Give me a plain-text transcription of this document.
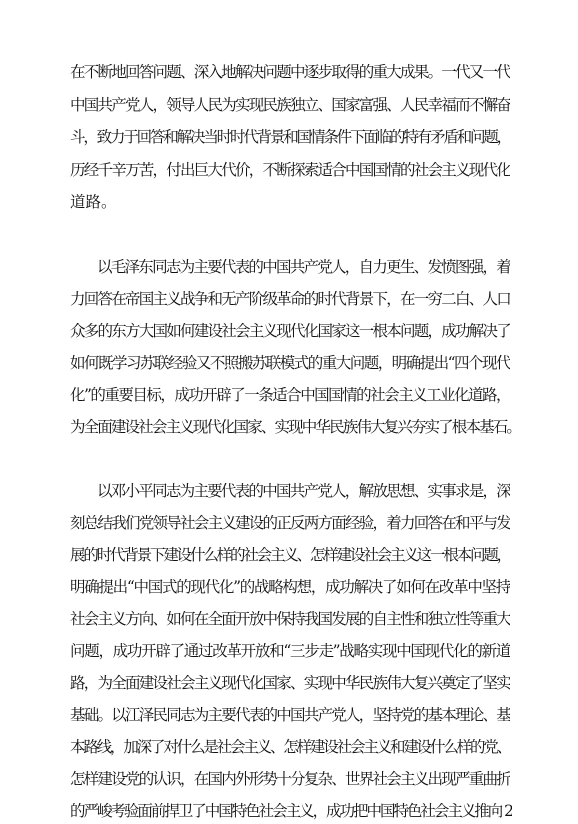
在不断地回答问题、深入地解决问题中逐步取得的重大成果。一代又一代
中国共产党人，领导人民为实现民族独立、国家富强、人民幸福而不懈奋
斗，致力于回答和解决当时时代背景和国情条件下面临的特有矛盾和问题，
历经千辛万苦，付出巨大代价，不断探索适合中国国情的社会主义现代化
道路。
以毛泽东同志为主要代表的中国共产党人，自力更生、发愤图强，着
力回答在帝国主义战争和无产阶级革命的时代背景下，在一穷二白、人口
众多的东方大国如何建设社会主义现代化国家这一根本问题，成功解决了
如何既学习苏联经验又不照搬苏联模式的重大问题，明确提出“四个现代
化”的重要目标，成功开辟了一条适合中国国情的社会主义工业化道路，
为全面建设社会主义现代化国家、实现中华民族伟大复兴夯实了根本基石。
以邓小平同志为主要代表的中国共产党人，解放思想、实事求是，深
刻总结我们党领导社会主义建设的正反两方面经验，着力回答在和平与发
展的时代背景下建设什么样的社会主义、怎样建设社会主义这一根本问题，
明确提出“中国式的现代化”的战略构想，成功解决了如何在改革中坚持
社会主义方向、如何在全面开放中保持我国发展的自主性和独立性等重大
问题，成功开辟了通过改革开放和“三步走”战略实现中国现代化的新道
路，为全面建设社会主义现代化国家、实现中华民族伟大复兴奠定了坚实
基础。以江泽民同志为主要代表的中国共产党人，坚持党的基本理论、基
本路线，加深了对什么是社会主义、怎样建设社会主义和建设什么样的党、
怎样建设党的认识，在国内外形势十分复杂、世界社会主义出现严重曲折
的严峻考验面前捍卫了中国特色社会主义，成功把中国特色社会主义推向 2
